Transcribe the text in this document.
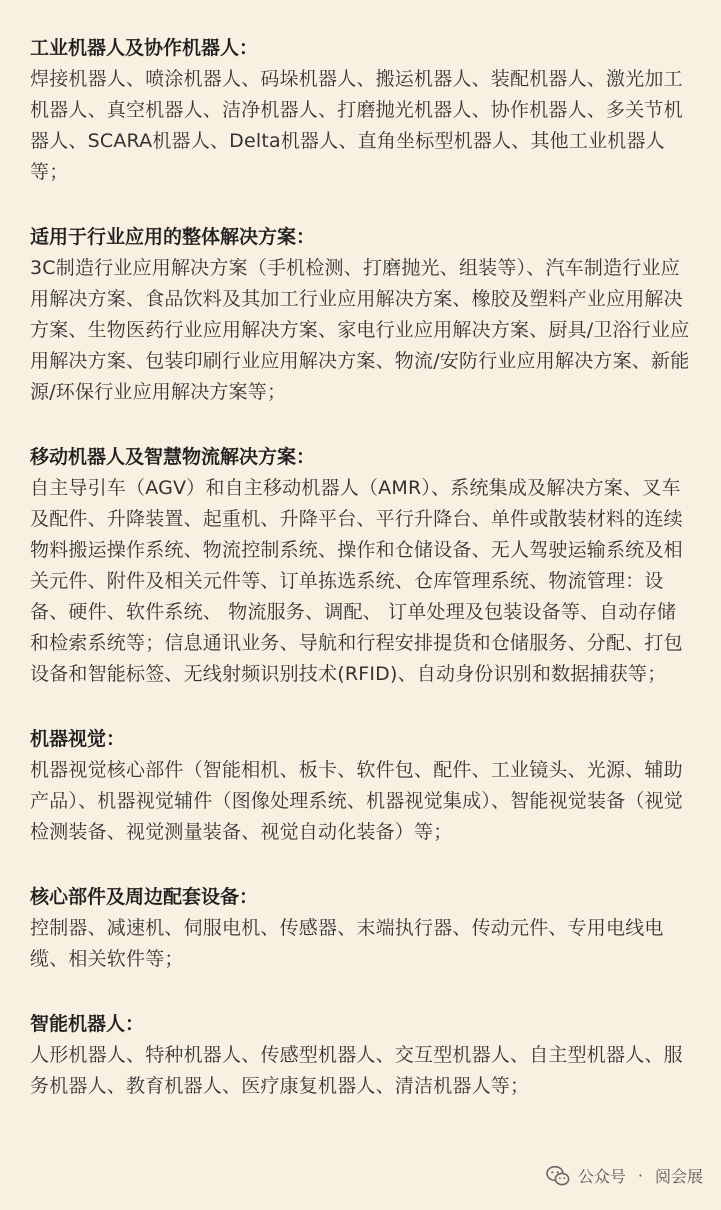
工业机器人及协作机器人：

焊接机器人、喷涂机器人、码垛机器人、搬运机器人、装配机器人、激光加工机器人、真空机器人、洁净机器人、打磨抛光机器人、协作机器人、多关节机器人、SCARA机器人、Delta机器人、直角坐标型机器人、其他工业机器人等；

适用于行业应用的整体解决方案：

3C制造行业应用解决方案（手机检测、打磨抛光、组装等）、汽车制造行业应用解决方案、食品饮料及其加工行业应用解决方案、橡胶及塑料产业应用解决方案、生物医药行业应用解决方案、家电行业应用解决方案、厨具/卫浴行业应用解决方案、包装印刷行业应用解决方案、物流/安防行业应用解决方案、新能源/环保行业应用解决方案等；

移动机器人及智慧物流解决方案：

自主导引车（AGV）和自主移动机器人（AMR）、系统集成及解决方案、叉车及配件、升降装置、起重机、升降平台、平行升降台、单件或散装材料的连续物料搬运操作系统、物流控制系统、操作和仓储设备、无人驾驶运输系统及相关元件、附件及相关元件等、订单拣选系统、仓库管理系统、物流管理：设备、硬件、软件系统、 物流服务、调配、 订单处理及包装设备等、自动存储和检索系统等；信息通讯业务、导航和行程安排提货和仓储服务、分配、打包设备和智能标签、无线射频识别技术(RFID)、自动身份识别和数据捕获等；

机器视觉：

机器视觉核心部件（智能相机、板卡、软件包、配件、工业镜头、光源、辅助产品）、机器视觉辅件（图像处理系统、机器视觉集成）、智能视觉装备（视觉检测装备、视觉测量装备、视觉自动化装备）等；

核心部件及周边配套设备：

控制器、减速机、伺服电机、传感器、末端执行器、传动元件、专用电线电缆、相关软件等；

智能机器人：

人形机器人、特种机器人、传感型机器人、交互型机器人、自主型机器人、服务机器人、教育机器人、医疗康复机器人、清洁机器人等；

公众号 · 阅会展
